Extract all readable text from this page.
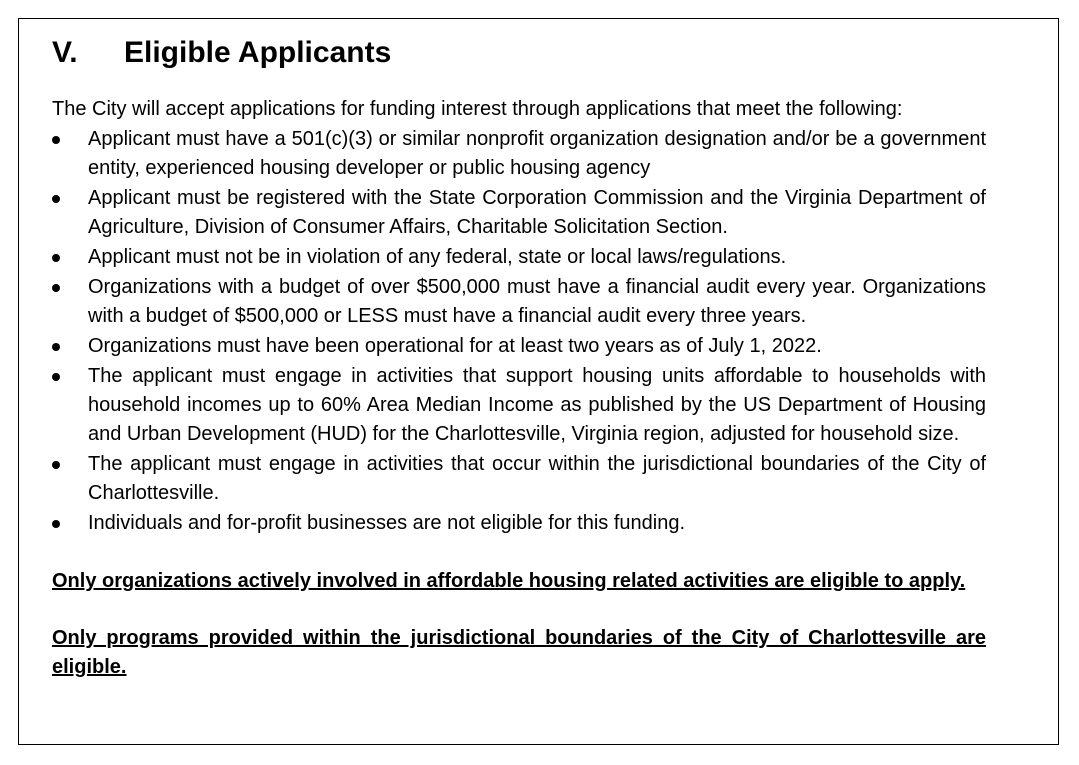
V.	Eligible Applicants

The City will accept applications for funding interest through applications that meet the following:

Applicant must have a 501(c)(3) or similar nonprofit organization designation and/or be a government entity, experienced housing developer or public housing agency
Applicant must be registered with the State Corporation Commission and the Virginia Department of Agriculture, Division of Consumer Affairs, Charitable Solicitation Section.
Applicant must not be in violation of any federal, state or local laws/regulations.
Organizations with a budget of over $500,000 must have a financial audit every year. Organizations with a budget of $500,000 or LESS must have a financial audit every three years.
Organizations must have been operational for at least two years as of July 1, 2022.
The applicant must engage in activities that support housing units affordable to households with household incomes up to 60% Area Median Income as published by the US Department of Housing and Urban Development (HUD) for the Charlottesville, Virginia region, adjusted for household size.
The applicant must engage in activities that occur within the jurisdictional boundaries of the City of Charlottesville.
Individuals and for-profit businesses are not eligible for this funding.

Only organizations actively involved in affordable housing related activities are eligible to apply.

Only programs provided within the jurisdictional boundaries of the City of Charlottesville are eligible.
